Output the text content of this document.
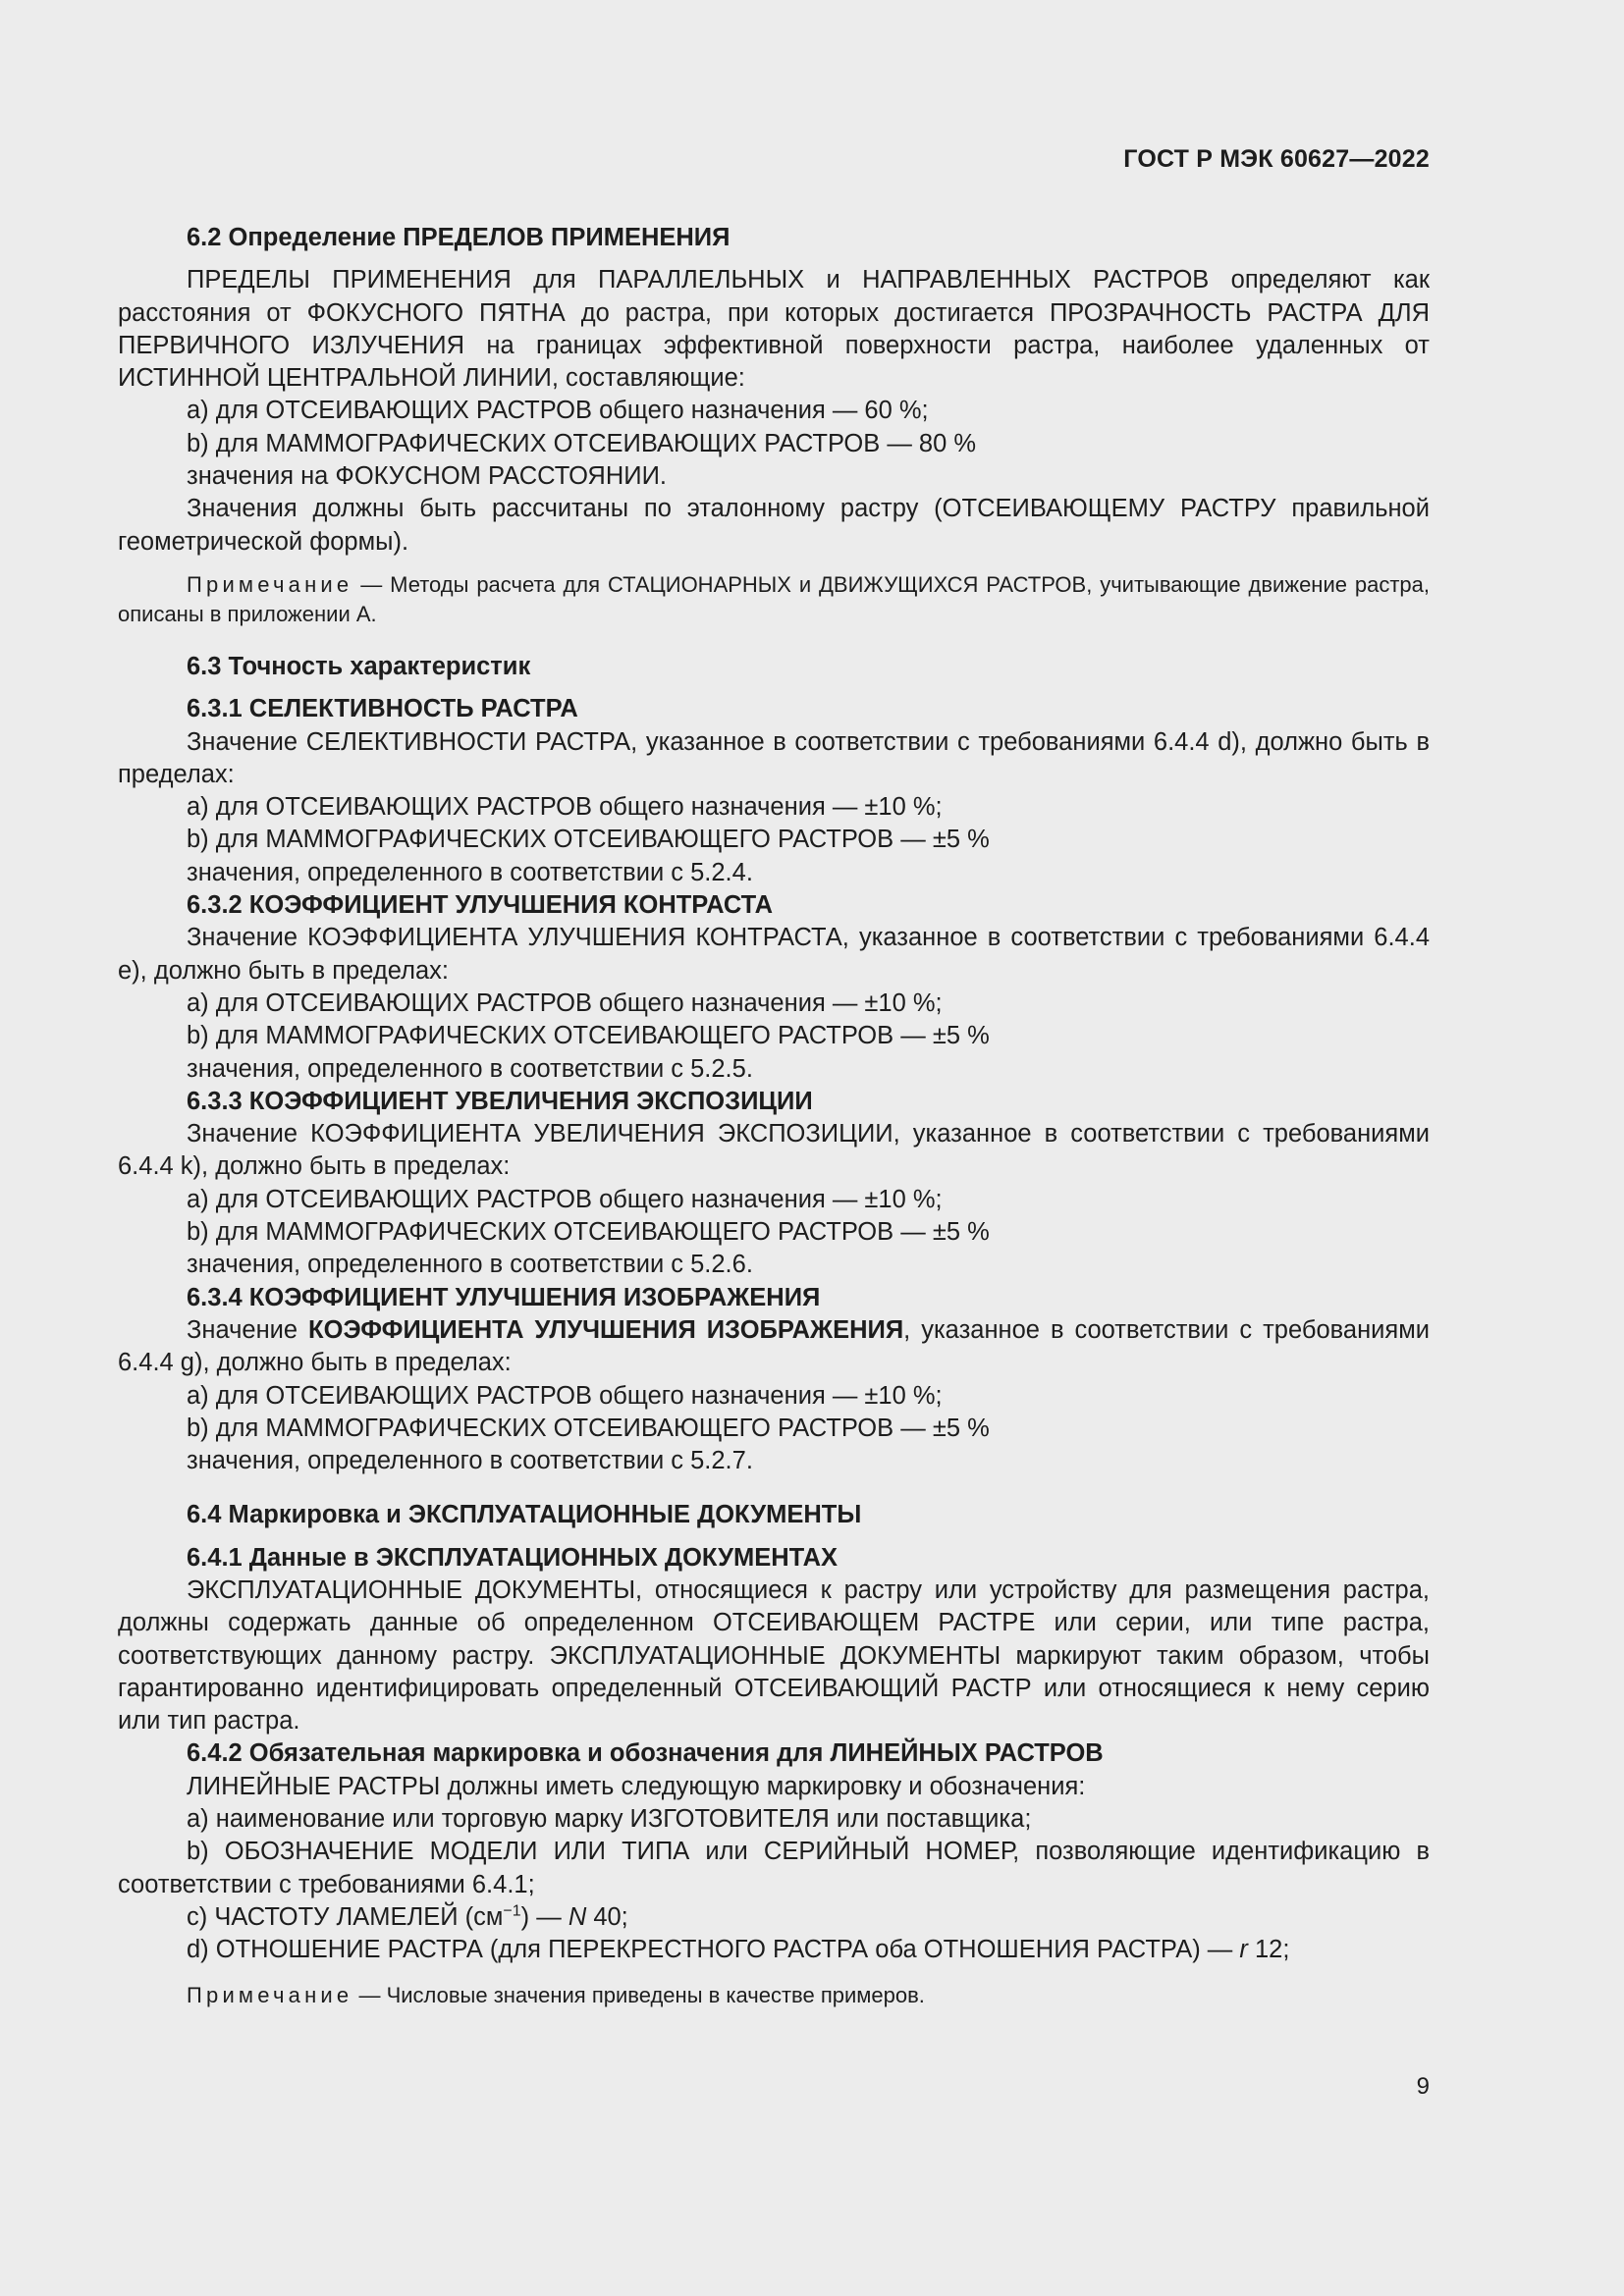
ГОСТ Р МЭК 60627—2022
6.2 Определение ПРЕДЕЛОВ ПРИМЕНЕНИЯ

ПРЕДЕЛЫ ПРИМЕНЕНИЯ для ПАРАЛЛЕЛЬНЫХ и НАПРАВЛЕННЫХ РАСТРОВ определяют как расстояния от ФОКУСНОГО ПЯТНА до растра, при которых достигается ПРОЗРАЧНОСТЬ РАСТРА ДЛЯ ПЕРВИЧНОГО ИЗЛУЧЕНИЯ на границах эффективной поверхности растра, наиболее удаленных от ИСТИННОЙ ЦЕНТРАЛЬНОЙ ЛИНИИ, составляющие:

а) для ОТСЕИВАЮЩИХ РАСТРОВ общего назначения — 60 %;

b) для МАММОГРАФИЧЕСКИХ ОТСЕИВАЮЩИХ РАСТРОВ — 80 %

значения на ФОКУСНОМ РАССТОЯНИИ.

Значения должны быть рассчитаны по эталонному растру (ОТСЕИВАЮЩЕМУ РАСТРУ правильной геометрической формы).

Примечание — Методы расчета для СТАЦИОНАРНЫХ и ДВИЖУЩИХСЯ РАСТРОВ, учитывающие движение растра, описаны в приложении А.

6.3 Точность характеристик
6.3.1 СЕЛЕКТИВНОСТЬ РАСТРА

Значение СЕЛЕКТИВНОСТИ РАСТРА, указанное в соответствии с требованиями 6.4.4 d), должно быть в пределах:

а) для ОТСЕИВАЮЩИХ РАСТРОВ общего назначения — ±10 %;

b) для МАММОГРАФИЧЕСКИХ ОТСЕИВАЮЩЕГО РАСТРОВ — ±5 %

значения, определенного в соответствии с 5.2.4.

6.3.2 КОЭФФИЦИЕНТ УЛУЧШЕНИЯ КОНТРАСТА

Значение КОЭФФИЦИЕНТА УЛУЧШЕНИЯ КОНТРАСТА, указанное в соответствии с требованиями 6.4.4 е), должно быть в пределах:

а) для ОТСЕИВАЮЩИХ РАСТРОВ общего назначения — ±10 %;

b) для МАММОГРАФИЧЕСКИХ ОТСЕИВАЮЩЕГО РАСТРОВ — ±5 %

значения, определенного в соответствии с 5.2.5.

6.3.3 КОЭФФИЦИЕНТ УВЕЛИЧЕНИЯ ЭКСПОЗИЦИИ

Значение КОЭФФИЦИЕНТА УВЕЛИЧЕНИЯ ЭКСПОЗИЦИИ, указанное в соответствии с требованиями 6.4.4 k), должно быть в пределах:

а) для ОТСЕИВАЮЩИХ РАСТРОВ общего назначения — ±10 %;

b) для МАММОГРАФИЧЕСКИХ ОТСЕИВАЮЩЕГО РАСТРОВ — ±5 %

значения, определенного в соответствии с 5.2.6.

6.3.4 КОЭФФИЦИЕНТ УЛУЧШЕНИЯ ИЗОБРАЖЕНИЯ

Значение КОЭФФИЦИЕНТА УЛУЧШЕНИЯ ИЗОБРАЖЕНИЯ, указанное в соответствии с требованиями 6.4.4 g), должно быть в пределах:

а) для ОТСЕИВАЮЩИХ РАСТРОВ общего назначения — ±10 %;

b) для МАММОГРАФИЧЕСКИХ ОТСЕИВАЮЩЕГО РАСТРОВ — ±5 %

значения, определенного в соответствии с 5.2.7.

6.4 Маркировка и ЭКСПЛУАТАЦИОННЫЕ ДОКУМЕНТЫ
6.4.1 Данные в ЭКСПЛУАТАЦИОННЫХ ДОКУМЕНТАХ

ЭКСПЛУАТАЦИОННЫЕ ДОКУМЕНТЫ, относящиеся к растру или устройству для размещения растра, должны содержать данные об определенном ОТСЕИВАЮЩЕМ РАСТРЕ или серии, или типе растра, соответствующих данному растру. ЭКСПЛУАТАЦИОННЫЕ ДОКУМЕНТЫ маркируют таким образом, чтобы гарантированно идентифицировать определенный ОТСЕИВАЮЩИЙ РАСТР или относящиеся к нему серию или тип растра.

6.4.2 Обязательная маркировка и обозначения для ЛИНЕЙНЫХ РАСТРОВ

ЛИНЕЙНЫЕ РАСТРЫ должны иметь следующую маркировку и обозначения:

а) наименование или торговую марку ИЗГОТОВИТЕЛЯ или поставщика;

b) ОБОЗНАЧЕНИЕ МОДЕЛИ ИЛИ ТИПА или СЕРИЙНЫЙ НОМЕР, позволяющие идентификацию в соответствии с требованиями 6.4.1;

с) ЧАСТОТУ ЛАМЕЛЕЙ $(см^{-1})$ — N 40;

d) ОТНОШЕНИЕ РАСТРА (для ПЕРЕКРЕСТНОГО РАСТРА оба ОТНОШЕНИЯ РАСТРА) — r 12;

Примечание — Числовые значения приведены в качестве примеров.

9
